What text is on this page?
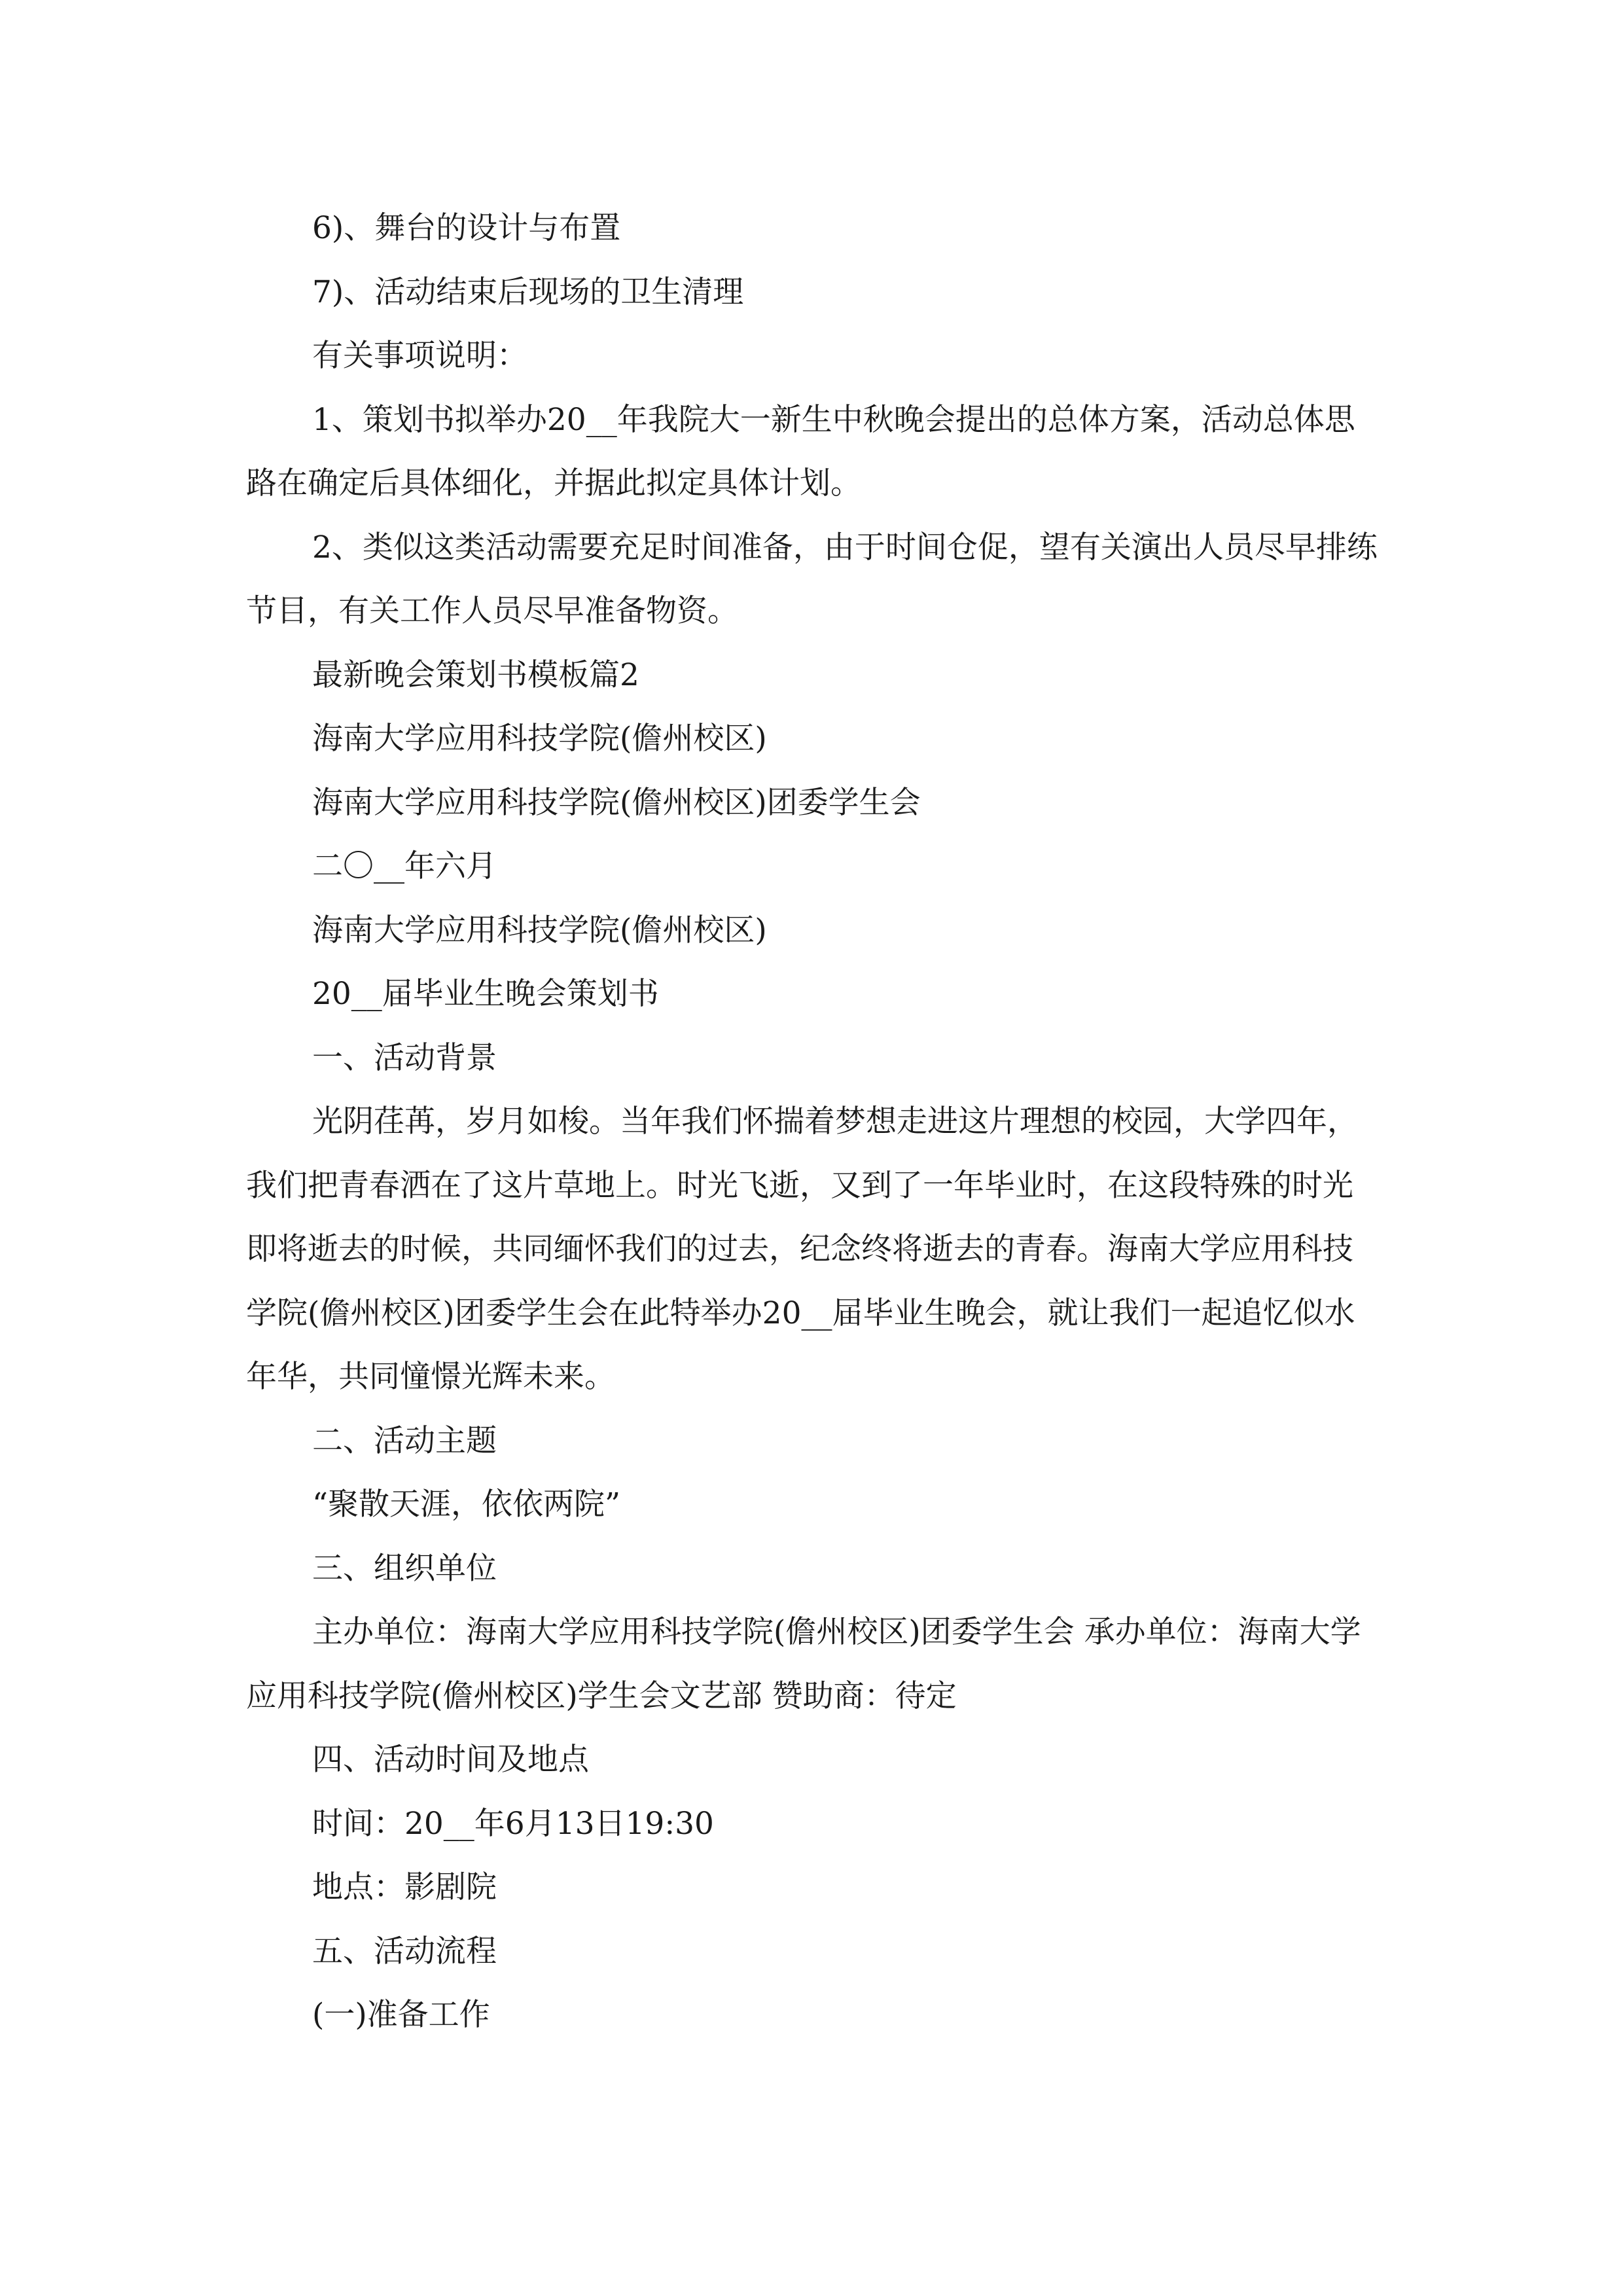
6)、舞台的设计与布置

7)、活动结束后现场的卫生清理

有关事项说明：

1、策划书拟举办20__年我院大一新生中秋晚会提出的总体方案，活动总体思路在确定后具体细化，并据此拟定具体计划。

2、类似这类活动需要充足时间准备，由于时间仓促，望有关演出人员尽早排练节目，有关工作人员尽早准备物资。

最新晚会策划书模板篇2

海南大学应用科技学院(儋州校区)

海南大学应用科技学院(儋州校区)团委学生会

二〇__年六月

海南大学应用科技学院(儋州校区)

20__届毕业生晚会策划书

一、活动背景

光阴荏苒，岁月如梭。当年我们怀揣着梦想走进这片理想的校园，大学四年，我们把青春洒在了这片草地上。时光飞逝，又到了一年毕业时，在这段特殊的时光即将逝去的时候，共同缅怀我们的过去，纪念终将逝去的青春。海南大学应用科技学院(儋州校区)团委学生会在此特举办20__届毕业生晚会，就让我们一起追忆似水年华，共同憧憬光辉未来。

二、活动主题

“聚散天涯，依依两院”

三、组织单位

主办单位：海南大学应用科技学院(儋州校区)团委学生会 承办单位：海南大学应用科技学院(儋州校区)学生会文艺部 赞助商：待定

四、活动时间及地点

时间：20__年6月13日19:30

地点：影剧院

五、活动流程

(一)准备工作
